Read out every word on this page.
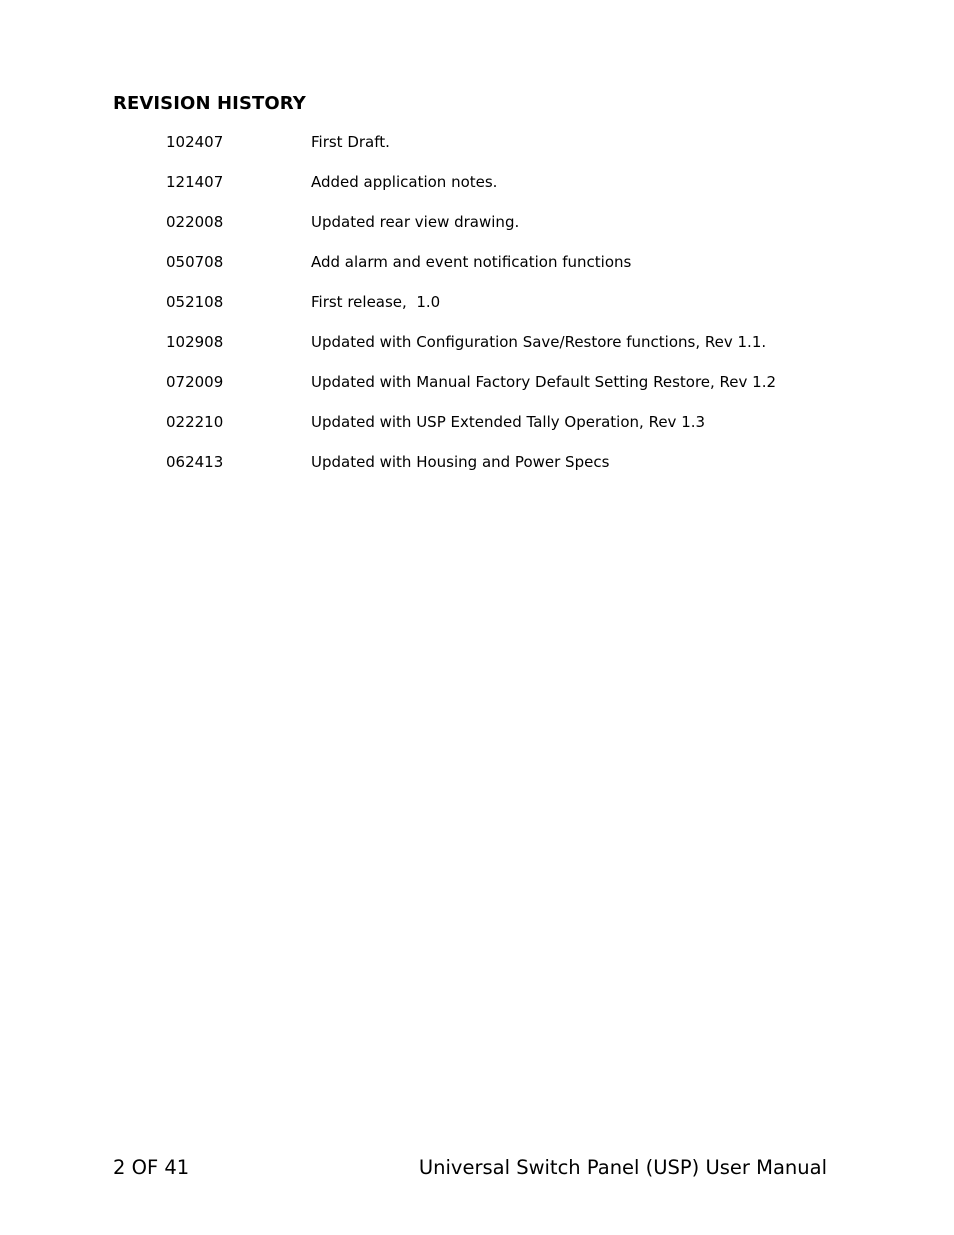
REVISION HISTORY
102407	First Draft.
121407	Added application notes.
022008	Updated rear view drawing.
050708	Add alarm and event notification functions
052108	First release,  1.0
102908	Updated with Configuration Save/Restore functions, Rev 1.1.
072009	Updated with Manual Factory Default Setting Restore, Rev 1.2
022210	Updated with USP Extended Tally Operation, Rev 1.3
062413	Updated with Housing and Power Specs
2 OF 41	Universal Switch Panel (USP) User Manual
